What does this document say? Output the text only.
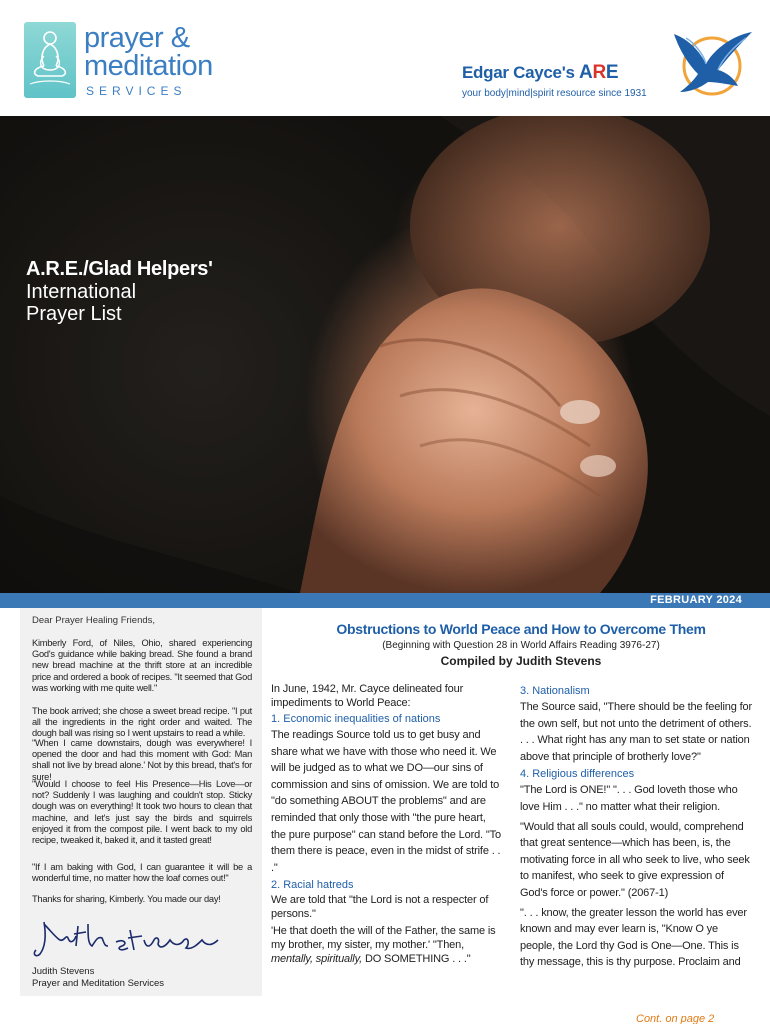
prayer &
meditation
SERVICES
Edgar Cayce's ARE
your body|mind|spirit resource since 1931
A.R.E./Glad Helpers'
International
Prayer List
FEBRUARY 2024
Dear Prayer Healing Friends,

Kimberly Ford, of Niles, Ohio, shared experiencing God's guidance while baking bread. She found a brand new bread machine at the thrift store at an incredible price and ordered a book of recipes. "It seemed that God was working with me quite well."

The book arrived; she chose a sweet bread recipe. "I put all the ingredients in the right order and waited. The dough ball was rising so I went upstairs to read a while.

"When I came downstairs, dough was everywhere! I opened the door and had this moment with God: Man shall not live by bread alone.' Not by this bread, that's for sure!

"Would I choose to feel His Presence—His Love—or not? Suddenly I was laughing and couldn't stop. Sticky dough was on everything! It took two hours to clean that machine, and let's just say the birds and squirrels enjoyed it from the compost pile. I went back to my old recipe, tweaked it, baked it, and it tasted great!

"If I am baking with God, I can guarantee it will be a wonderful time, no matter how the loaf comes out!"

Thanks for sharing, Kimberly. You made our day!

Judith Stevens
Prayer and Meditation Services
Obstructions to World Peace and How to Overcome Them
(Beginning with Question 28 in World Affairs Reading 3976-27)
Compiled by Judith Stevens

In June, 1942, Mr. Cayce delineated four impediments to World Peace:

1. Economic inequalities of nations

The readings Source told us to get busy and share what we have with those who need it. We will be judged as to what we DO—our sins of commission and sins of omission. We are told to "do something ABOUT the problems" and are reminded that only those with "the pure heart, the pure purpose" can stand before the Lord. "To them there is peace, even in the midst of strife . . ."

2. Racial hatreds

We are told that "the Lord is not a respecter of persons."

'He that doeth the will of the Father, the same is my brother, my sister, my mother.' "Then, mentally, spiritually, DO SOMETHING . . ."

3. Nationalism

The Source said, "There should be the feeling for the own self, but not unto the detriment of others. . . . What right has any man to set state or nation above that principle of brotherly love?"

4. Religious differences

"The Lord is ONE!" ". . . God loveth those who love Him . . ." no matter what their religion.

"Would that all souls could, would, comprehend that great sentence—which has been, is, the motivating force in all who seek to live, who seek to manifest, who seek to give expression of God's force or power." (2067-1)

". . . know, the greater lesson the world has ever known and may ever learn is, "Know O ye people, the Lord thy God is One—One. This is thy message, this is thy purpose. Proclaim and

Cont. on page 2
